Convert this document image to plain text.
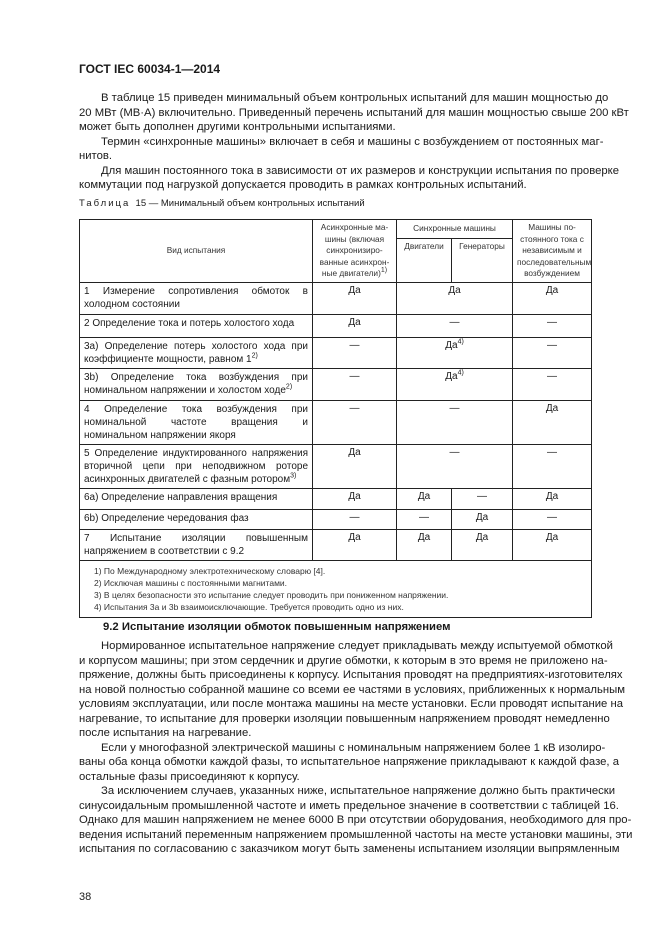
ГОСТ IEC 60034-1—2014
В таблице 15 приведен минимальный объем контрольных испытаний для машин мощностью до
20 МВт (МВ·А) включительно. Приведенный перечень испытаний для машин мощностью свыше 200 кВт
может быть дополнен другими контрольными испытаниями.
Термин «синхронные машины» включает в себя и машины с возбуждением от постоянных маг-
нитов.
Для машин постоянного тока в зависимости от их размеров и конструкции испытания по проверке
коммутации под нагрузкой допускается проводить в рамках контрольных испытаний.
Таблица 15 — Минимальный объем контрольных испытаний
Вид испытания	Асинхронные ма-шины (включая синхронизиро-ванные асинхрон-ные двигатели)$^{1)}$	Синхронные машины		Машины по-стоянного тока с независимым и последовательным возбуждением
		Двигатели	Генераторы	
1 Измерение сопротивления обмоток в холодном состоянии	Да	Да		Да
2 Определение тока и потерь холостого хода	Да	—		—
3a) Определение потерь холостого хода при коэффициенте мощности, равном 1$^{2)}$	—	$Да^{4)}$		—
3b) Определение тока возбуждения при номинальном напряжении и холостом ходе$^{2)}$	—	$Да^{4)}$		—
4 Определение тока возбуждения при номинальной частоте вращения и номинальном напряжении якоря	—	—		Да
5 Определение индуктированного напряжения вторичной цепи при неподвижном роторе асинхронных двигателей с фазным ротором$^{3)}$	Да	—		—
6a) Определение направления вращения	Да	Да	—	Да
6b) Определение чередования фаз	—	—	Да	—
7 Испытание изоляции повышенным напряжением в соответствии с 9.2	Да	Да	Да	Да

1) По Международному электротехническому словарю [4].
2) Исключая машины с постоянными магнитами.
3) В целях безопасности это испытание следует проводить при пониженном напряжении.
4) Испытания 3a и 3b взаимоисключающие. Требуется проводить одно из них.				
9.2 Испытание изоляции обмоток повышенным напряжением
Нормированное испытательное напряжение следует прикладывать между испытуемой обмоткой
и корпусом машины; при этом сердечник и другие обмотки, к которым в это время не приложено на-
пряжение, должны быть присоединены к корпусу. Испытания проводят на предприятиях-изготовителях
на новой полностью собранной машине со всеми ее частями в условиях, приближенных к нормальным
условиям эксплуатации, или после монтажа машины на месте установки. Если проводят испытание на
нагревание, то испытание для проверки изоляции повышенным напряжением проводят немедленно
после испытания на нагревание.
Если у многофазной электрической машины с номинальным напряжением более 1 кВ изолиро-
ваны оба конца обмотки каждой фазы, то испытательное напряжение прикладывают к каждой фазе, а
остальные фазы присоединяют к корпусу.
За исключением случаев, указанных ниже, испытательное напряжение должно быть практически
синусоидальным промышленной частоте и иметь предельное значение в соответствии с таблицей 16.
Однако для машин напряжением не менее 6000 В при отсутствии оборудования, необходимого для про-
ведения испытаний переменным напряжением промышленной частоты на месте установки машины, эти
испытания по согласованию с заказчиком могут быть заменены испытанием изоляции выпрямленным
38
